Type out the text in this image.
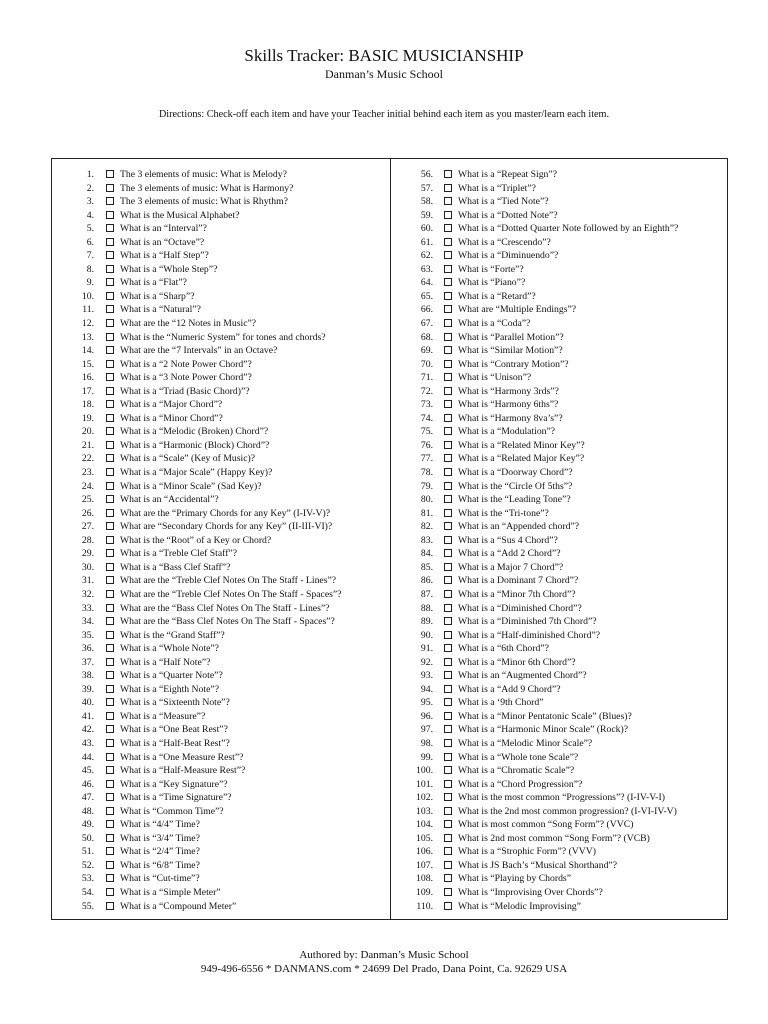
Skills Tracker: BASIC MUSICIANSHIP
Danman’s Music School
Directions: Check-off each item and have your Teacher initial behind each item as you master/learn each item.
1.	The 3 elements of music: What is Melody?
2.	The 3 elements of music: What is Harmony?
3.	The 3 elements of music: What is Rhythm?
4.	What is the Musical Alphabet?
5.	What is an “Interval”?
6.	What is an “Octave”?
7.	What is a “Half Step”?
8.	What is a “Whole Step”?
9.	What is a “Flat”?
10.	What is a “Sharp”?
11.	What is a “Natural”?
12.	What are the “12 Notes in Music”?
13.	What is the “Numeric System” for tones and chords?
14.	What are the “7 Intervals” in an Octave?
15.	What is a “2 Note Power Chord”?
16.	What is a “3 Note Power Chord”?
17.	What is a “Triad (Basic Chord)”?
18.	What is a “Major Chord”?
19.	What is a “Minor Chord”?
20.	What is a “Melodic (Broken) Chord”?
21.	What is a “Harmonic (Block) Chord”?
22.	What is a “Scale” (Key of Music)?
23.	What is a “Major Scale” (Happy Key)?
24.	What is a “Minor Scale” (Sad Key)?
25.	What is an “Accidental”?
26.	What are the “Primary Chords for any Key” (I-IV-V)?
27.	What are “Secondary Chords for any Key” (II-III-VI)?
28.	What is the “Root” of a Key or Chord?
29.	What is a “Treble Clef Staff”?
30.	What is a “Bass Clef Staff”?
31.	What are the “Treble Clef Notes On The Staff - Lines”?
32.	What are the “Treble Clef Notes On The Staff - Spaces”?
33.	What are the “Bass Clef Notes On The Staff - Lines”?
34.	What are the “Bass Clef Notes On The Staff - Spaces”?
35.	What is the “Grand Staff”?
36.	What is a “Whole Note”?
37.	What is a “Half Note”?
38.	What is a “Quarter Note”?
39.	What is a “Eighth Note”?
40.	What is a “Sixteenth Note”?
41.	What is a “Measure”?
42.	What is a “One Beat Rest”?
43.	What is a “Half-Beat Rest”?
44.	What is a “One Measure Rest”?
45.	What is a “Half-Measure Rest”?
46.	What is a “Key Signature”?
47.	What is a “Time Signature”?
48.	What is “Common Time”?
49.	What is “4/4” Time?
50.	What is “3/4” Time?
51.	What is “2/4” Time?
52.	What is “6/8” Time?
53.	What is “Cut-time”?
54.	What is a “Simple Meter”
55.	What is a “Compound Meter”
56.	What is a “Repeat Sign”?
57.	What is a “Triplet”?
58.	What is a “Tied Note”?
59.	What is a “Dotted Note”?
60.	What is a “Dotted Quarter Note followed by an Eighth”?
61.	What is a “Crescendo”?
62.	What is a “Diminuendo”?
63.	What is “Forte”?
64.	What is “Piano”?
65.	What is a “Retard”?
66.	What are “Multiple Endings”?
67.	What is a “Coda”?
68.	What is “Parallel Motion”?
69.	What is “Similar Motion”?
70.	What is “Contrary Motion”?
71.	What is “Unison”?
72.	What is “Harmony 3rds”?
73.	What is “Harmony 6ths”?
74.	What is “Harmony 8va’s”?
75.	What is a “Modulation”?
76.	What is a “Related Minor Key”?
77.	What is a “Related Major Key”?
78.	What is a “Doorway Chord”?
79.	What is the “Circle Of 5ths”?
80.	What is the “Leading Tone”?
81.	What is the “Tri-tone”?
82.	What is an “Appended chord”?
83.	What is a “Sus 4 Chord”?
84.	What is a “Add 2 Chord”?
85.	What is a Major 7 Chord”?
86.	What is a Dominant 7 Chord”?
87.	What is a “Minor 7th Chord”?
88.	What is a “Diminished Chord”?
89.	What is a “Diminished 7th Chord”?
90.	What is a “Half-diminished Chord”?
91.	What is a “6th Chord”?
92.	What is a “Minor 6th Chord”?
93.	What is an “Augmented Chord”?
94.	What is a “Add 9 Chord”?
95.	What is a ‘9th Chord”
96.	What is a “Minor Pentatonic Scale” (Blues)?
97.	What is a “Harmonic Minor Scale” (Rock)?
98.	What is a “Melodic Minor Scale”?
99.	What is a “Whole tone Scale”?
100.	What is a “Chromatic Scale”?
101.	What is a “Chord Progression”?
102.	What is the most common “Progressions”? (I-IV-V-I)
103.	What is the 2nd most common progression? (I-VI-IV-V)
104.	What is most common “Song Form”? (VVC)
105.	What is 2nd most common “Song Form”? (VCB)
106.	What is a “Strophic Form”? (VVV)
107.	What is JS Bach’s “Musical Shorthand”?
108.	What is “Playing by Chords”
109.	What is “Improvising Over Chords”?
110.	What is “Melodic Improvising”
Authored by: Danman’s Music School
949-496-6556 * DANMANS.com * 24699 Del Prado, Dana Point, Ca. 92629 USA
